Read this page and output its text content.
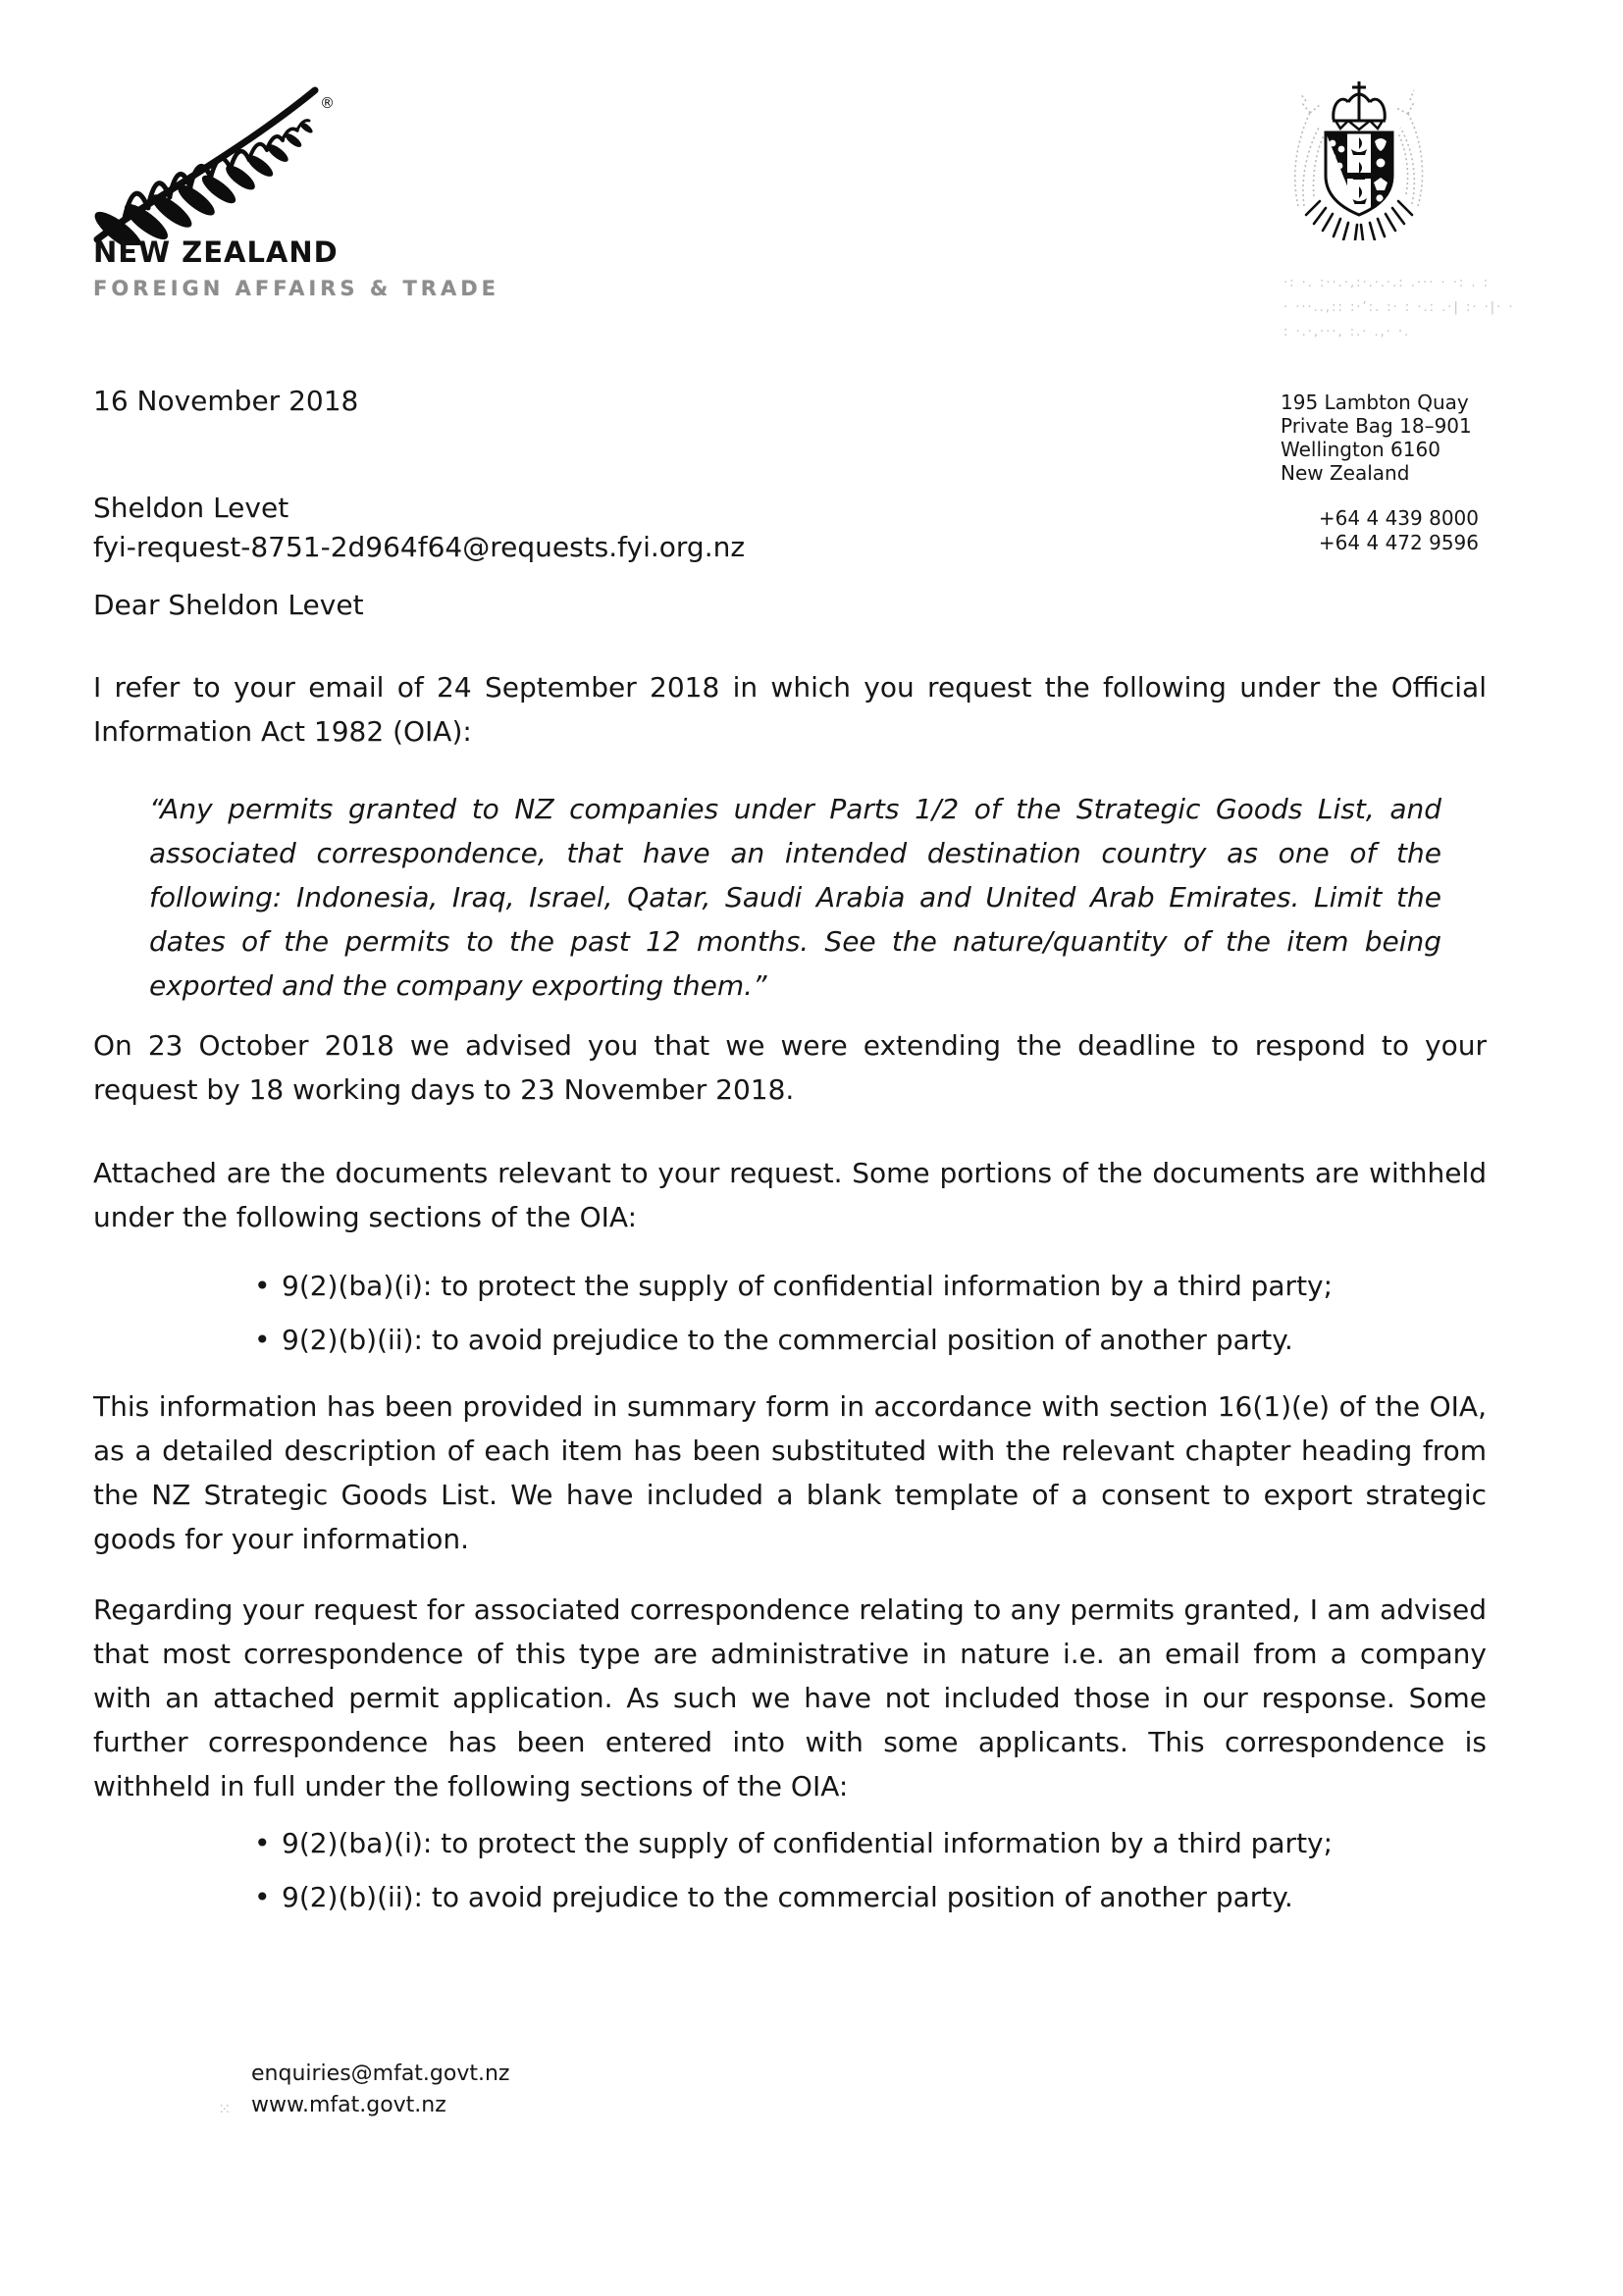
®
NEW ZEALAND
FOREIGN AFFAIRS & TRADE	·: ·. :··.·,:·.·.·.: .··· · ·: . :
· ···..,:: :·’:. :· : ·.: .·| :· ·|· ·
: ·.·,···, :.· .,· ·.
16 November 2018	195 Lambton Quay
Private Bag 18–901
Wellington 6160
New Zealand
+64 4 439 8000
+64 4 472 9596
Sheldon Levet
fyi-request-8751-2d964f64@requests.fyi.org.nz
Dear Sheldon Levet

I refer to your email of 24 September 2018 in which you request the following under the Official Information Act 1982 (OIA):

“Any permits granted to NZ companies under Parts 1/2 of the Strategic Goods List, and associated correspondence, that have an intended destination country as one of the following: Indonesia, Iraq, Israel, Qatar, Saudi Arabia and United Arab Emirates. Limit the dates of the permits to the past 12 months. See the nature/quantity of the item being exported and the company exporting them.”

On 23 October 2018 we advised you that we were extending the deadline to respond to your request by 18 working days to 23 November 2018.

Attached are the documents relevant to your request. Some portions of the documents are withheld under the following sections of the OIA:

• 9(2)(ba)(i): to protect the supply of confidential information by a third party;
• 9(2)(b)(ii): to avoid prejudice to the commercial position of another party.

This information has been provided in summary form in accordance with section 16(1)(e) of the OIA, as a detailed description of each item has been substituted with the relevant chapter heading from the NZ Strategic Goods List. We have included a blank template of a consent to export strategic goods for your information.

Regarding your request for associated correspondence relating to any permits granted, I am advised that most correspondence of this type are administrative in nature i.e. an email from a company with an attached permit application. As such we have not included those in our response. Some further correspondence has been entered into with some applicants. This correspondence is withheld in full under the following sections of the OIA:

• 9(2)(ba)(i): to protect the supply of confidential information by a third party;
• 9(2)(b)(ii): to avoid prejudice to the commercial position of another party.
enquiries@mfat.govt.nz
⁙ www.mfat.govt.nz
